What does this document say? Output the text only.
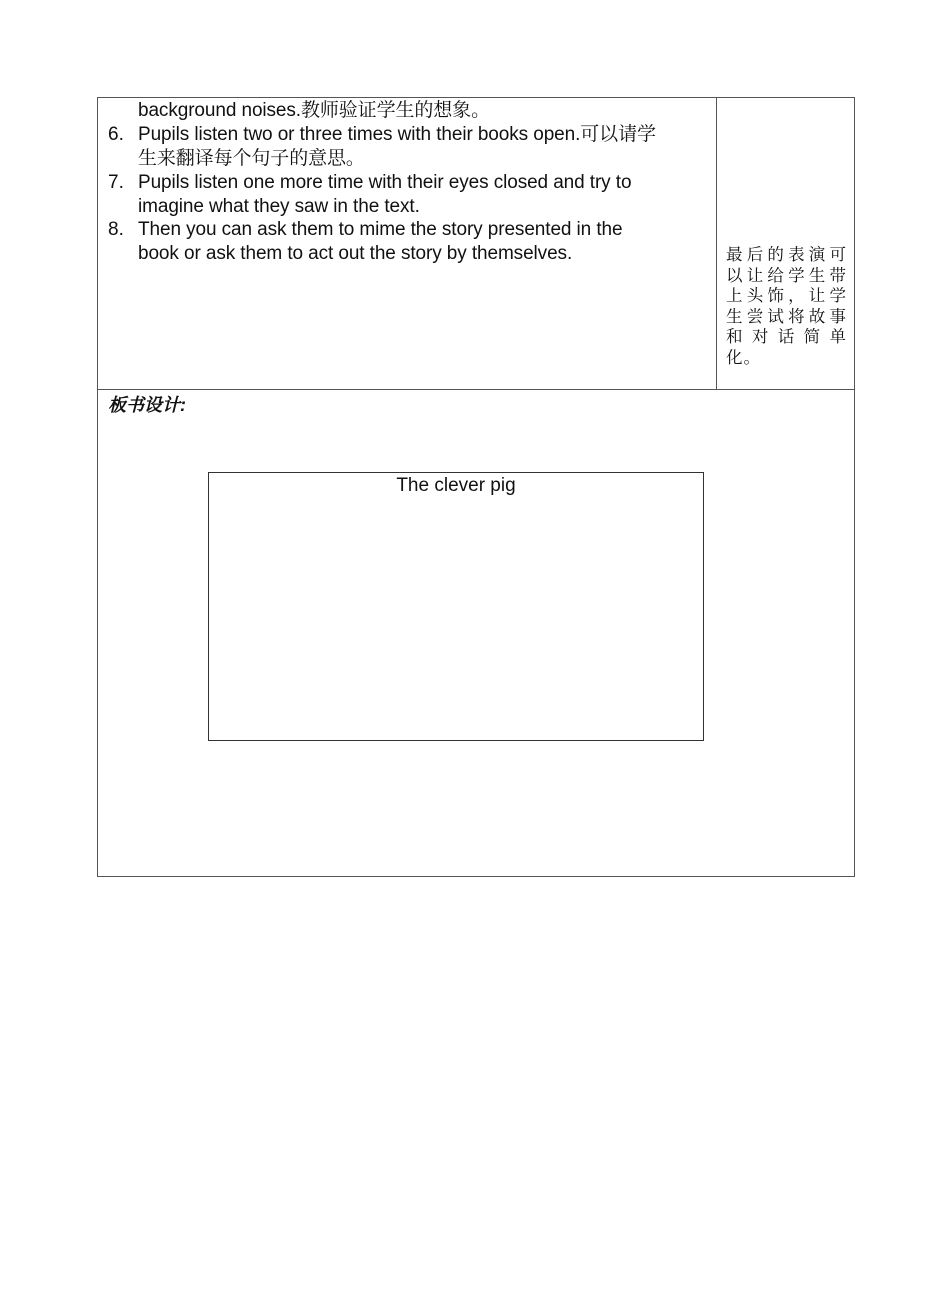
background noises.教师验证学生的想象。
6. Pupils listen two or three times with their books open.可以请学
生来翻译每个句子的意思。
7. Pupils listen one more time with their eyes closed and try to
imagine what they saw in the text.
8. Then you can ask them to mime the story presented in the
book or ask them to act out the story by themselves.	最后的表演可以让给学生带上头饰，让学生尝试将故事和对话简单化。
板书设计:
The clever pig
